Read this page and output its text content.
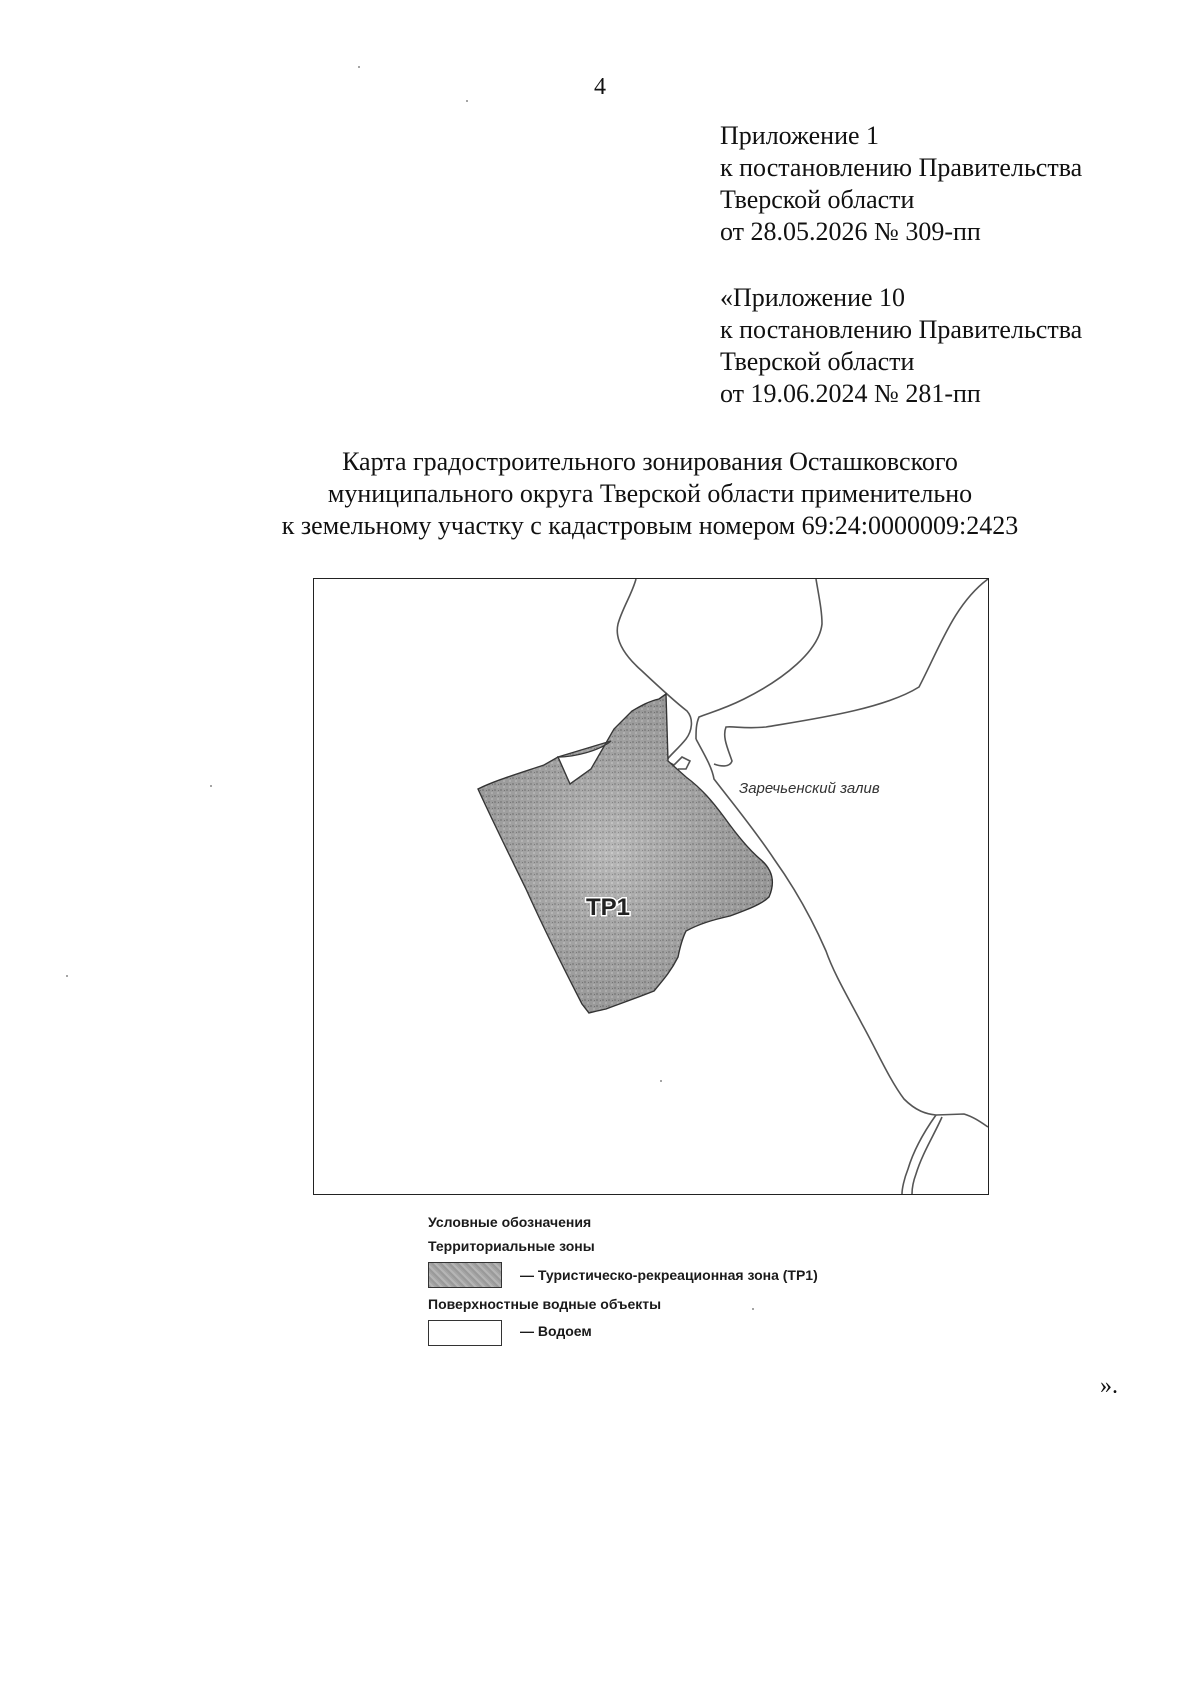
4
Приложение 1
к постановлению Правительства
Тверской области
от 28.05.2026 № 309-пп
«Приложение 10
к постановлению Правительства
Тверской области
от 19.06.2024 № 281-пп
Карта градостроительного зонирования Осташковского
муниципального округа Тверской области применительно
к земельному участку с кадастровым номером 69:24:0000009:2423
ТР1
Заречьенский залив
Условные обозначения
Территориальные зоны
— Туристическо-рекреационная зона (ТР1)
Поверхностные водные объекты
— Водоем
».
